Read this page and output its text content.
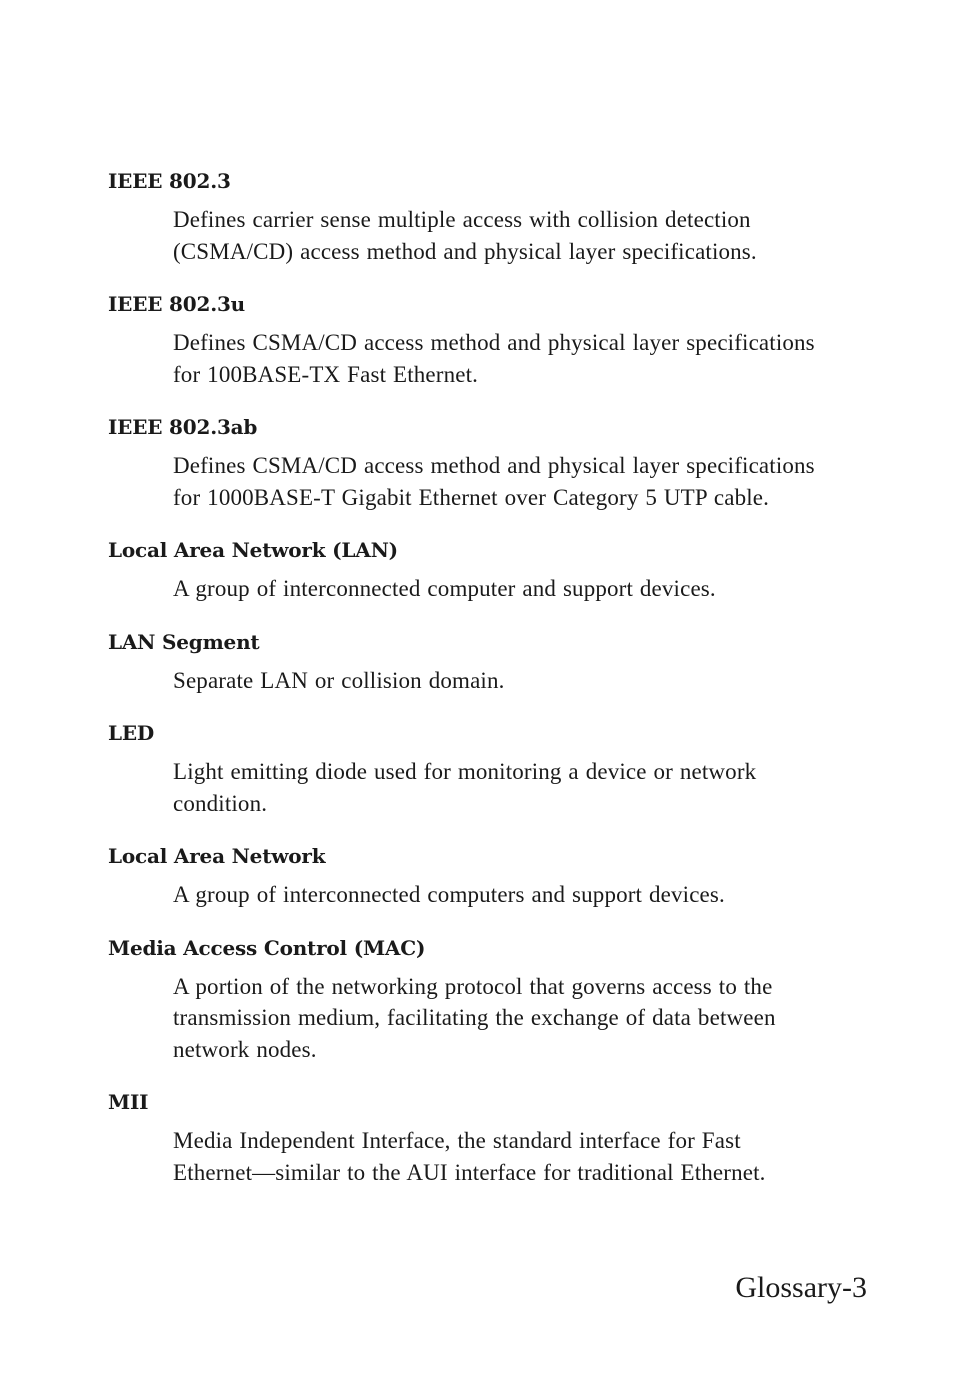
IEEE 802.3
Defines carrier sense multiple access with collision detection
(CSMA/CD) access method and physical layer specifications.
IEEE 802.3u
Defines CSMA/CD access method and physical layer specifications
for 100BASE-TX Fast Ethernet.
IEEE 802.3ab
Defines CSMA/CD access method and physical layer specifications
for 1000BASE-T Gigabit Ethernet over Category 5 UTP cable.
Local Area Network (LAN)
A group of interconnected computer and support devices.
LAN Segment
Separate LAN or collision domain.
LED
Light emitting diode used for monitoring a device or network
condition.
Local Area Network
A group of interconnected computers and support devices.
Media Access Control (MAC)
A portion of the networking protocol that governs access to the
transmission medium, facilitating the exchange of data between
network nodes.
MII
Media Independent Interface, the standard interface for Fast
Ethernet—similar to the AUI interface for traditional Ethernet.
Glossary-3
